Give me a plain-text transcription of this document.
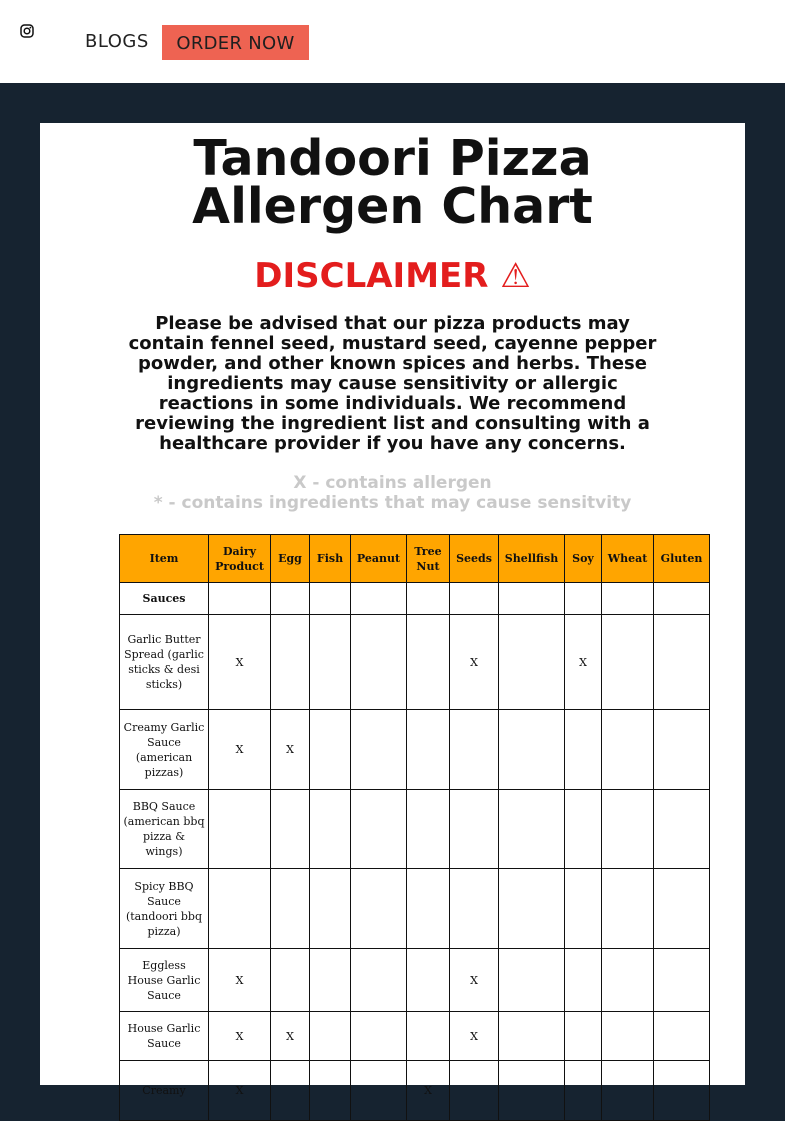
BLOGS	ORDER NOW
Tandoori Pizza
Allergen Chart
DISCLAIMER ⚠

Please be advised that our pizza products may contain fennel seed, mustard seed, cayenne pepper powder, and other known spices and herbs. These ingredients may cause sensitivity or allergic reactions in some individuals. We recommend reviewing the ingredient list and consulting with a healthcare provider if you have any concerns.

X - contains allergen
* - contains ingredients that may cause sensitvity
Item	Dairy Product	Egg	Fish	Peanut	Tree Nut	Seeds	Shellfish	Soy	Wheat	Gluten
Sauces										
Garlic Butter Spread (garlic sticks & desi sticks)	X					X		X		
Creamy Garlic Sauce (american pizzas)	X	X								
BBQ Sauce (american bbq pizza & wings)										
Spicy BBQ Sauce (tandoori bbq pizza)										
Eggless House Garlic Sauce	X					X				
House Garlic Sauce	X	X				X				
Creamy	X				X					
